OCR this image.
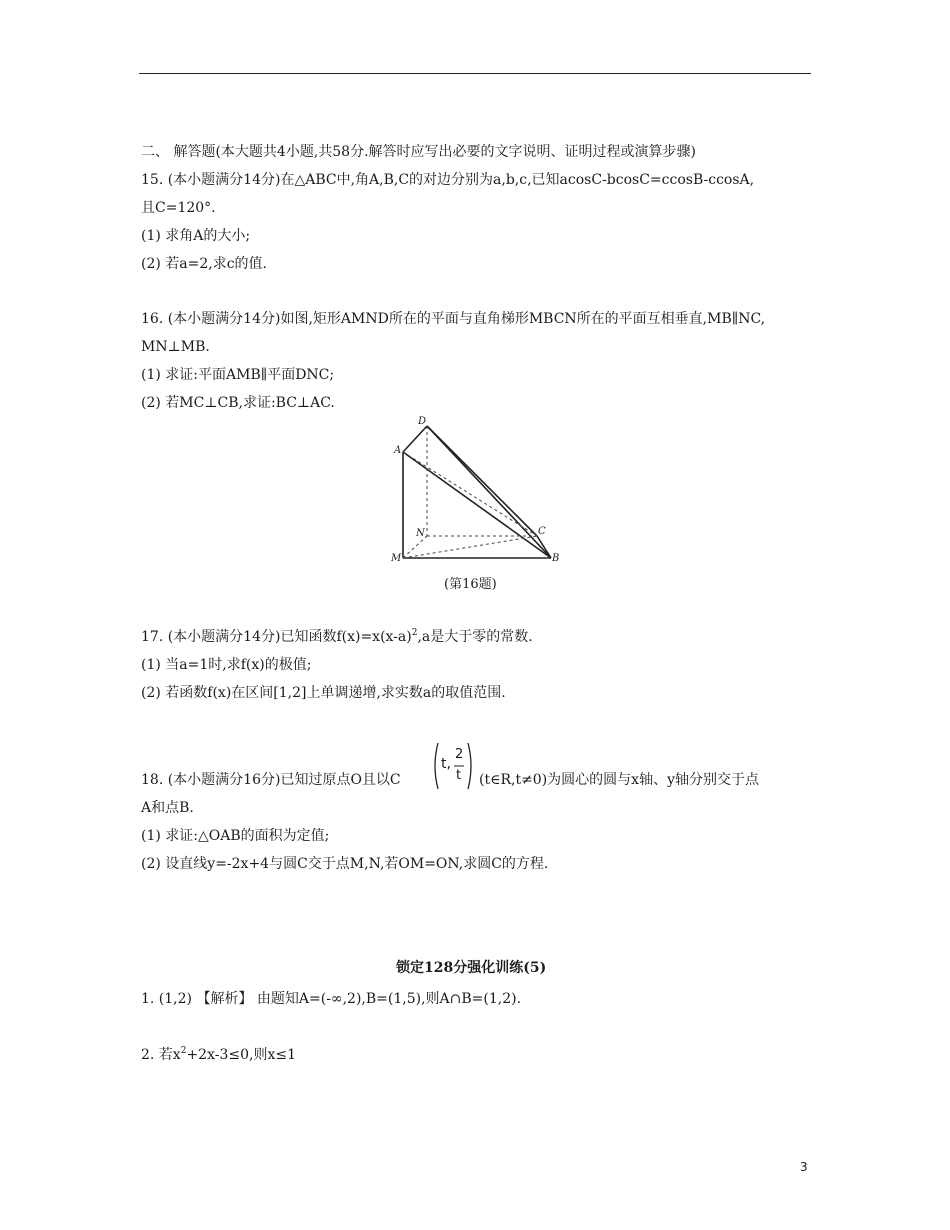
二、 解答题(本大题共4小题,共58分.解答时应写出必要的文字说明、证明过程或演算步骤)
15. (本小题满分14分)在△ABC中,角A,B,C的对边分别为a,b,c,已知acosC-bcosC=ccosB-ccosA,
且C=120°.
(1) 求角A的大小;
(2) 若a=2,求c的值.
16. (本小题满分14分)如图,矩形AMND所在的平面与直角梯形MBCN所在的平面互相垂直,MB∥NC,
MN⊥MB.
(1) 求证:平面AMB∥平面DNC;
(2) 若MC⊥CB,求证:BC⊥AC.
D
A
N	C
M	B
(第16题)
17. (本小题满分14分)已知函数$f(x)=x(x-a)^2,a$是大于零的常数.
(1) 当a=1时,求f(x)的极值;
(2) 若函数f(x)在区间[1,2]上单调递增,求实数a的取值范围.
18. (本小题满分16分)已知过原点O且以C
t,
2
t (t∈R,t≠0)为圆心的圆与x轴、y轴分别交于点
A和点B.
(1) 求证:△OAB的面积为定值;
(2) 设直线y=-2x+4与圆C交于点M,N,若OM=ON,求圆C的方程.
锁定128分强化训练(5)
1. (1,2) 【解析】 由题知A=(-∞,2),B=(1,5),则A∩B=(1,2).
2. 若$x^2+2x-3\le 0$,则x≤1
3
